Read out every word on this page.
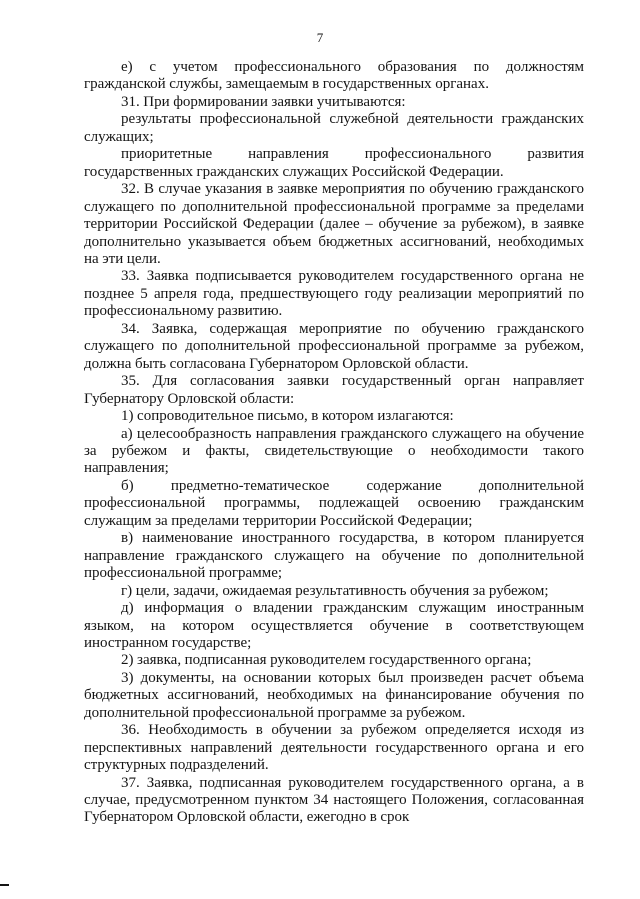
7

е) с учетом профессионального образования по должностям гражданской службы, замещаемым в государственных органах.

31. При формировании заявки учитываются:

результаты профессиональной служебной деятельности гражданских служащих;

приоритетные направления профессионального развития государственных гражданских служащих Российской Федерации.

32. В случае указания в заявке мероприятия по обучению гражданского служащего по дополнительной профессиональной программе за пределами территории Российской Федерации (далее – обучение за рубежом), в заявке дополнительно указывается объем бюджетных ассигнований, необходимых на эти цели.

33. Заявка подписывается руководителем государственного органа не позднее 5 апреля года, предшествующего году реализации мероприятий по профессиональному развитию.

34. Заявка, содержащая мероприятие по обучению гражданского служащего по дополнительной профессиональной программе за рубежом, должна быть согласована Губернатором Орловской области.

35. Для согласования заявки государственный орган направляет Губернатору Орловской области:

1) сопроводительное письмо, в котором излагаются:

а) целесообразность направления гражданского служащего на обучение за рубежом и факты, свидетельствующие о необходимости такого направления;

б) предметно-тематическое содержание дополнительной профессиональной программы, подлежащей освоению гражданским служащим за пределами территории Российской Федерации;

в) наименование иностранного государства, в котором планируется направление гражданского служащего на обучение по дополнительной профессиональной программе;

г) цели, задачи, ожидаемая результативность обучения за рубежом;

д) информация о владении гражданским служащим иностранным языком, на котором осуществляется обучение в соответствующем иностранном государстве;

2) заявка, подписанная руководителем государственного органа;

3) документы, на основании которых был произведен расчет объема бюджетных ассигнований, необходимых на финансирование обучения по дополнительной профессиональной программе за рубежом.

36. Необходимость в обучении за рубежом определяется исходя из перспективных направлений деятельности государственного органа и его структурных подразделений.

37. Заявка, подписанная руководителем государственного органа, а в случае, предусмотренном пунктом 34 настоящего Положения, согласованная Губернатором Орловской области, ежегодно в срок
